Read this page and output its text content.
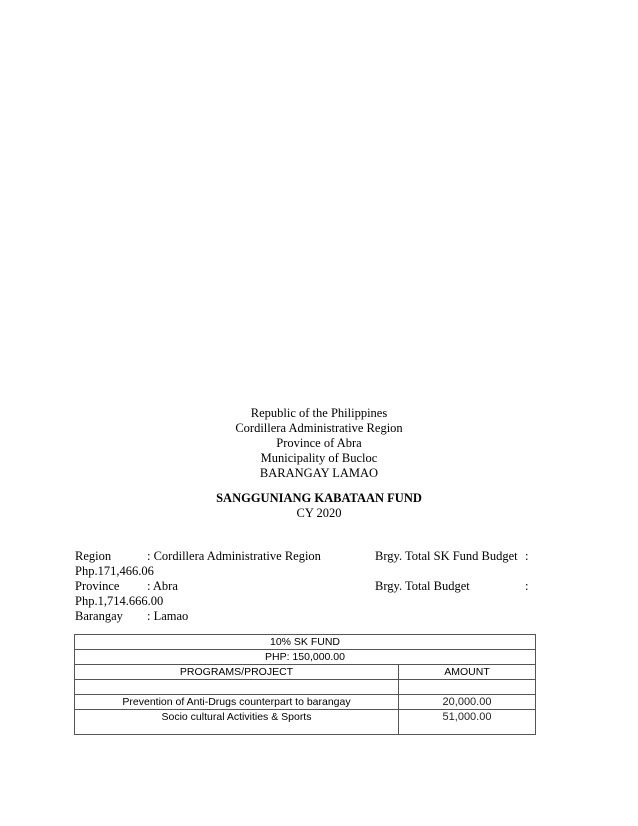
Republic of the Philippines
Cordillera Administrative Region
Province of Abra
Municipality of Bucloc
BARANGAY LAMAO
SANGGUNIANG KABATAAN FUND
CY 2020
Region	: Cordillera Administrative Region	Brgy. Total SK Fund Budget :
Php.171,466.06
Province : Abra	Brgy. Total Budget	:
Php.1,714.666.00
Barangay : Lamao
10% SK FUND	
PHP: 150,000.00	
PROGRAMS/PROJECT	AMOUNT

Prevention of Anti-Drugs counterpart to barangay	20,000.00
Socio cultural Activities & Sports	51,000.00
